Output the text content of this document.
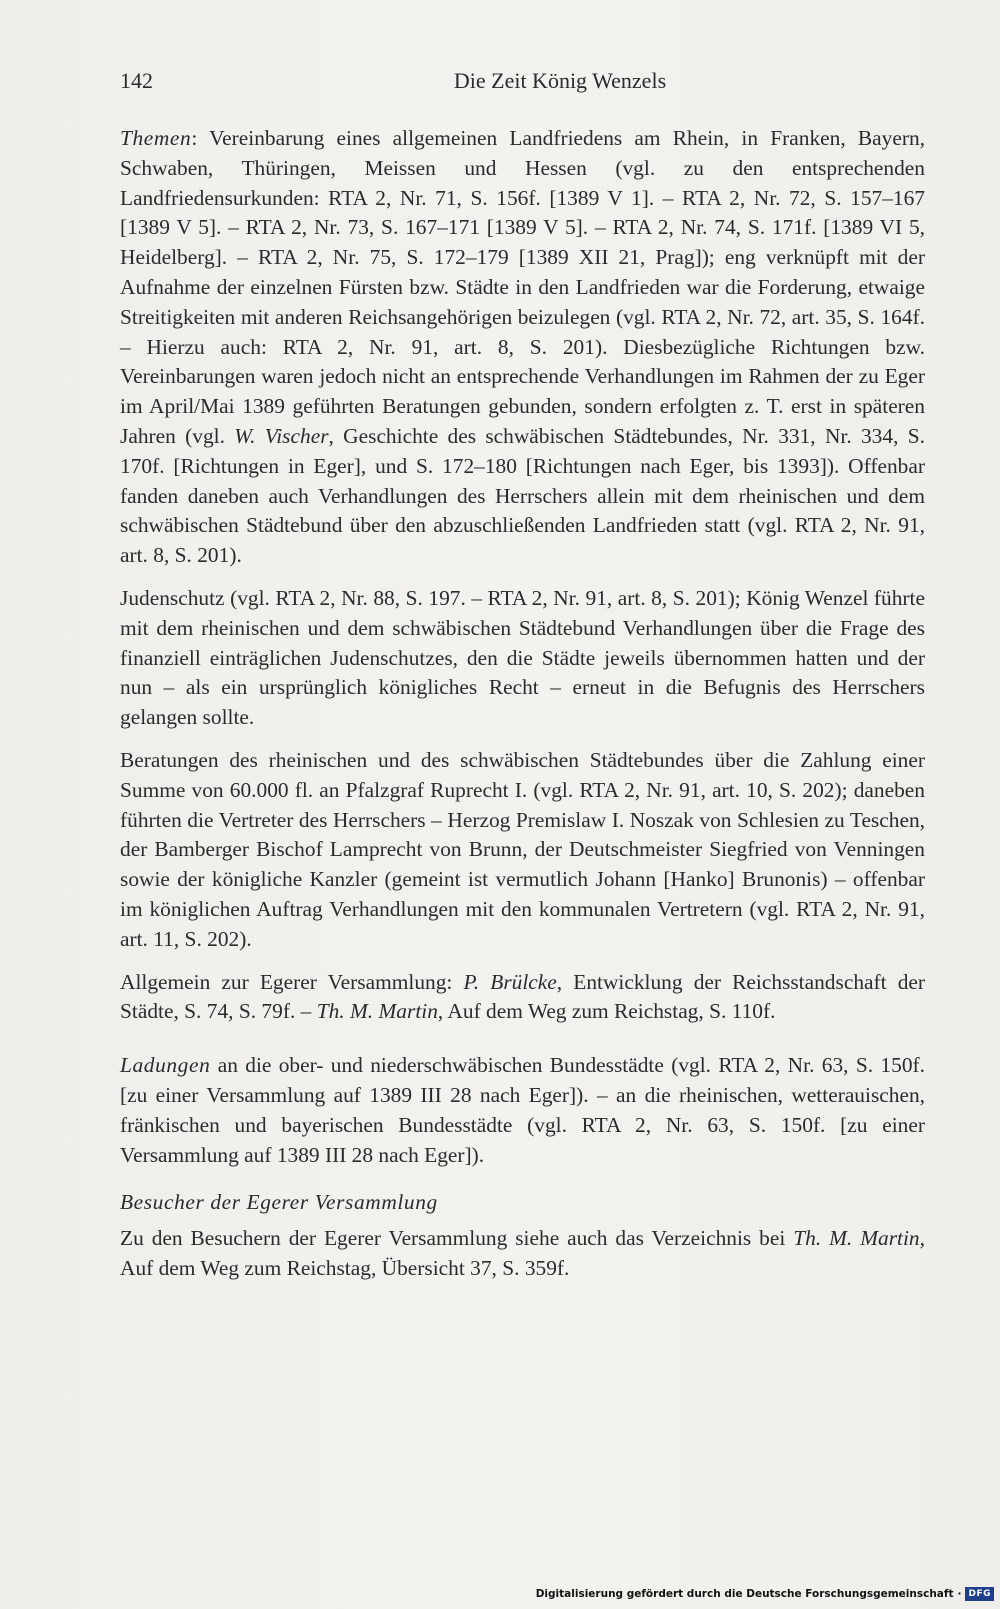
142	Die Zeit König Wenzels

Themen: Vereinbarung eines allgemeinen Landfriedens am Rhein, in Franken, Bayern, Schwaben, Thüringen, Meissen und Hessen (vgl. zu den entsprechenden Landfriedensurkunden: RTA 2, Nr. 71, S. 156f. [1389 V 1]. – RTA 2, Nr. 72, S. 157–167 [1389 V 5]. – RTA 2, Nr. 73, S. 167–171 [1389 V 5]. – RTA 2, Nr. 74, S. 171f. [1389 VI 5, Heidelberg]. – RTA 2, Nr. 75, S. 172–179 [1389 XII 21, Prag]); eng verknüpft mit der Aufnahme der einzelnen Fürsten bzw. Städte in den Landfrieden war die Forderung, etwaige Streitigkeiten mit anderen Reichsangehörigen beizulegen (vgl. RTA 2, Nr. 72, art. 35, S. 164f. – Hierzu auch: RTA 2, Nr. 91, art. 8, S. 201). Diesbezügliche Richtungen bzw. Vereinbarungen waren jedoch nicht an entsprechende Verhandlungen im Rahmen der zu Eger im April/Mai 1389 geführten Beratungen gebunden, sondern erfolgten z. T. erst in späteren Jahren (vgl. W. Vischer, Geschichte des schwäbischen Städtebundes, Nr. 331, Nr. 334, S. 170f. [Richtungen in Eger], und S. 172–180 [Richtungen nach Eger, bis 1393]). Offenbar fanden daneben auch Verhandlungen des Herrschers allein mit dem rheinischen und dem schwäbischen Städtebund über den abzuschließenden Landfrieden statt (vgl. RTA 2, Nr. 91, art. 8, S. 201).

Judenschutz (vgl. RTA 2, Nr. 88, S. 197. – RTA 2, Nr. 91, art. 8, S. 201); König Wenzel führte mit dem rheinischen und dem schwäbischen Städtebund Verhandlungen über die Frage des finanziell einträglichen Judenschutzes, den die Städte jeweils übernommen hatten und der nun – als ein ursprünglich königliches Recht – erneut in die Befugnis des Herrschers gelangen sollte.

Beratungen des rheinischen und des schwäbischen Städtebundes über die Zahlung einer Summe von 60.000 fl. an Pfalzgraf Ruprecht I. (vgl. RTA 2, Nr. 91, art. 10, S. 202); daneben führten die Vertreter des Herrschers – Herzog Premislaw I. Noszak von Schlesien zu Teschen, der Bamberger Bischof Lamprecht von Brunn, der Deutschmeister Siegfried von Venningen sowie der königliche Kanzler (gemeint ist vermutlich Johann [Hanko] Brunonis) – offenbar im königlichen Auftrag Verhandlungen mit den kommunalen Vertretern (vgl. RTA 2, Nr. 91, art. 11, S. 202).

Allgemein zur Egerer Versammlung: P. Brülcke, Entwicklung der Reichsstandschaft der Städte, S. 74, S. 79f. – Th. M. Martin, Auf dem Weg zum Reichstag, S. 110f.

Ladungen an die ober- und niederschwäbischen Bundesstädte (vgl. RTA 2, Nr. 63, S. 150f. [zu einer Versammlung auf 1389 III 28 nach Eger]). – an die rheinischen, wetterauischen, fränkischen und bayerischen Bundesstädte (vgl. RTA 2, Nr. 63, S. 150f. [zu einer Versammlung auf 1389 III 28 nach Eger]).

Besucher der Egerer Versammlung

Zu den Besuchern der Egerer Versammlung siehe auch das Verzeichnis bei Th. M. Martin, Auf dem Weg zum Reichstag, Übersicht 37, S. 359f.

Digitalisierung gefördert durch die Deutsche Forschungsgemeinschaft · DFG
